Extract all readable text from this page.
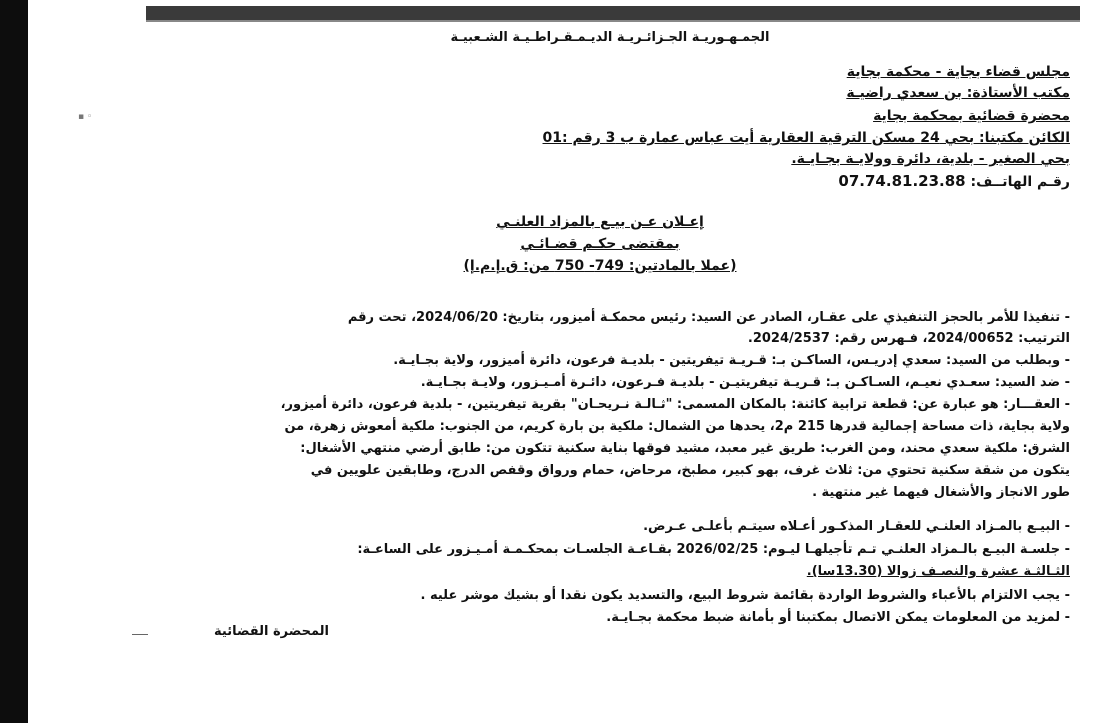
▪ ◦
الجمـهـوريـة الجـزائـريـة الديـمـقـراطـيـة الشـعبيـة
مجلس قضاء بجاية - محكمة بجاية
مكتب الأستاذة: بن سعدي راضيـة
محضرة قضائية بمحكمة بجاية
الكائن مكتبنا: بحي 24 مسكن الترقية العقارية أيت عباس عمارة ب 3 رقم :01
بحي الصغير - بلدية، دائرة وولايـة بجـايـة.
رقـم الهاتــف: 07.74.81.23.88
إعـلان عـن بيـع بالمزاد العلنـي
بمقتضى حكـم قضـائـي
(عملا بالمادتين: 749- 750 من: ق.إ.م.إ)
- تنفيذا للأمر بالحجز التنفيذي على عقـار، الصادر عن السيد: رئيس محمكـة أميزور، بتاريخ: 2024/06/20، تحت رقم
الترتيب: 2024/00652، فـهرس رقم: 2024/2537.
- وبطلب من السيد: سعدي إدريـس، الساكـن بـ: قـريـة تيفريتين - بلديـة فرعون، دائرة أميزور، ولاية بجـايـة.
- ضد السيد: سعـدي نعيـم، السـاكـن بـ: قـريـة تيفريتيـن - بلديـة فـرعون، دائـرة أمـيـزور، ولايـة بجـايـة.
- العقـــار: هو عبارة عن: قطعة ترابية كائنة: بالمكان المسمى: "ثـالـة نـريحـان" بقرية تيفريتين، - بلدية فرعون، دائرة أميزور،
ولاية بجاية، ذات مساحة إجمالية قدرها 215 م2، يحدها من الشمال: ملكية بن بارة كريم، من الجنوب: ملكية أمعوش زهرة، من
الشرق: ملكية سعدي محند، ومن الغرب: طريق غير معبد، مشيد فوقها بناية سكنية تتكون من: طابق أرضي منتهي الأشغال:
يتكون من شقة سكنية تحتوي من: ثلاث غرف، بهو كبير، مطبخ، مرحاض، حمام ورواق وقفص الدرج، وطابقين علويين في
طور الانجاز والأشغال فيهما غير منتهية .
- البيـع بالمـزاد العلنـي للعقـار المذكـور أعـلاه سيتـم بأعلـى عـرض.
- جلسـة البيـع بالـمزاد العلنـي تـم تأجيلهـا ليـوم: 2026/02/25 بقـاعـة الجلسـات بمحكـمـة أمـيـزور على الساعـة:
الثـالثـة عشرة والنصـف زوالا (13.30سا).
- يجب الالتزام بالأعباء والشروط الواردة بقائمة شروط البيع، والتسديد يكون نقدا أو بشيك موشر عليه .
- لمزيد من المعلومات يمكن الاتصال بمكتبنا أو بأمانة ضبط محكمة بجـايـة.
المحضرة القضائية
